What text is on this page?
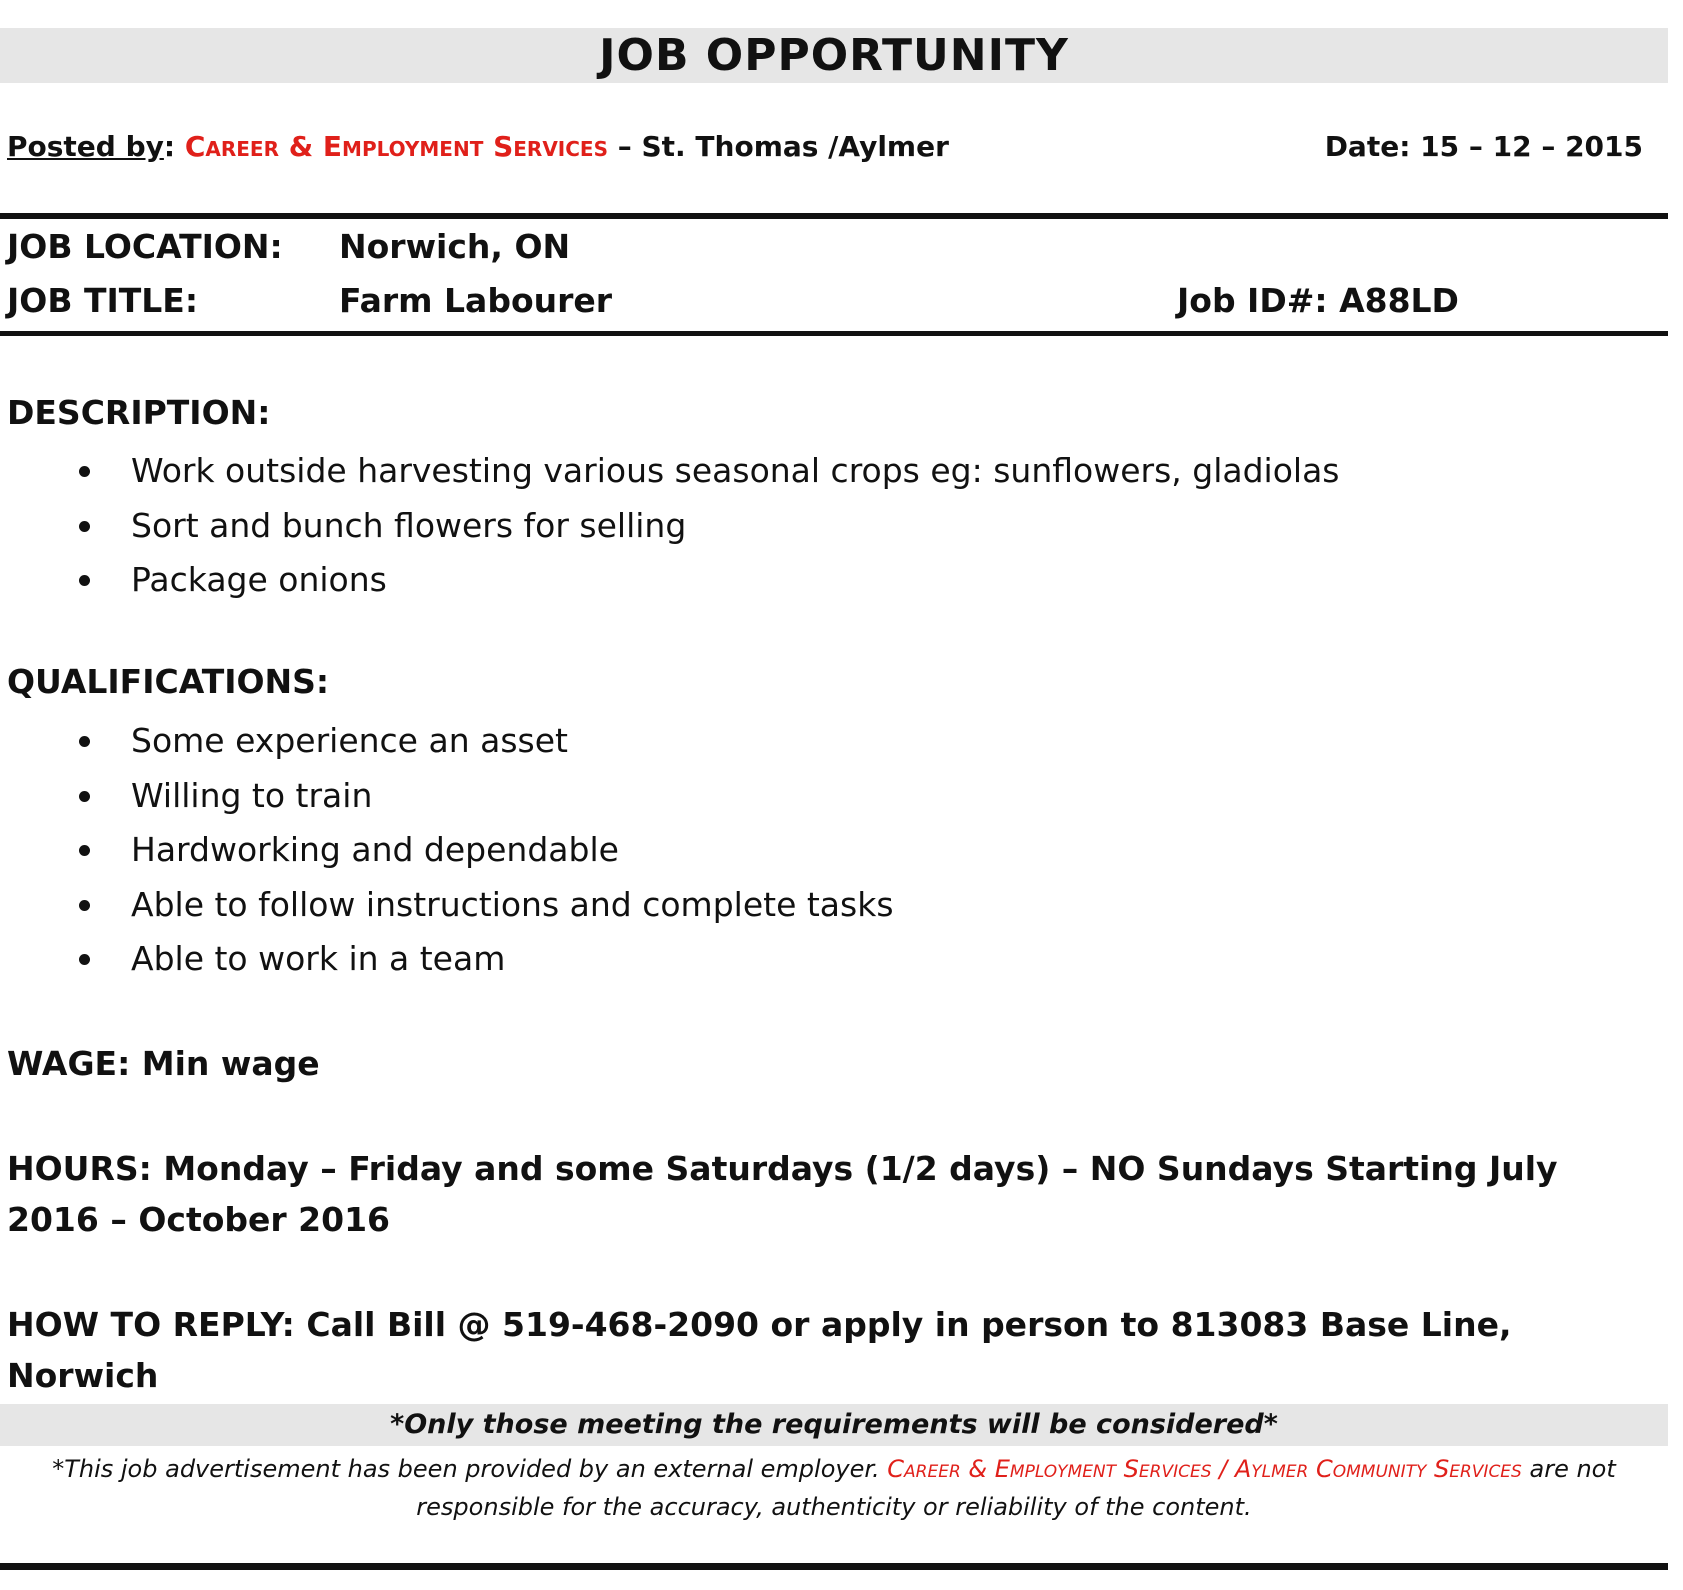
JOB OPPORTUNITY
Posted by: Career & Employment Services – St. Thomas /Aylmer	Date: 15 – 12 – 2015
JOB LOCATION: Norwich, ON
JOB TITLE:	Farm Labourer	Job ID#: A88LD
DESCRIPTION:
Work outside harvesting various seasonal crops eg: sunflowers, gladiolas
Sort and bunch flowers for selling
Package onions
QUALIFICATIONS:
Some experience an asset
Willing to train
Hardworking and dependable
Able to follow instructions and complete tasks
Able to work in a team
WAGE: Min wage
HOURS: Monday – Friday and some Saturdays (1/2 days) – NO Sundays Starting July 2016 – October 2016
HOW TO REPLY: Call Bill @ 519-468-2090 or apply in person to 813083 Base Line, Norwich
*Only those meeting the requirements will be considered*
*This job advertisement has been provided by an external employer. Career & Employment Services / Aylmer Community Services are not responsible for the accuracy, authenticity or reliability of the content.
